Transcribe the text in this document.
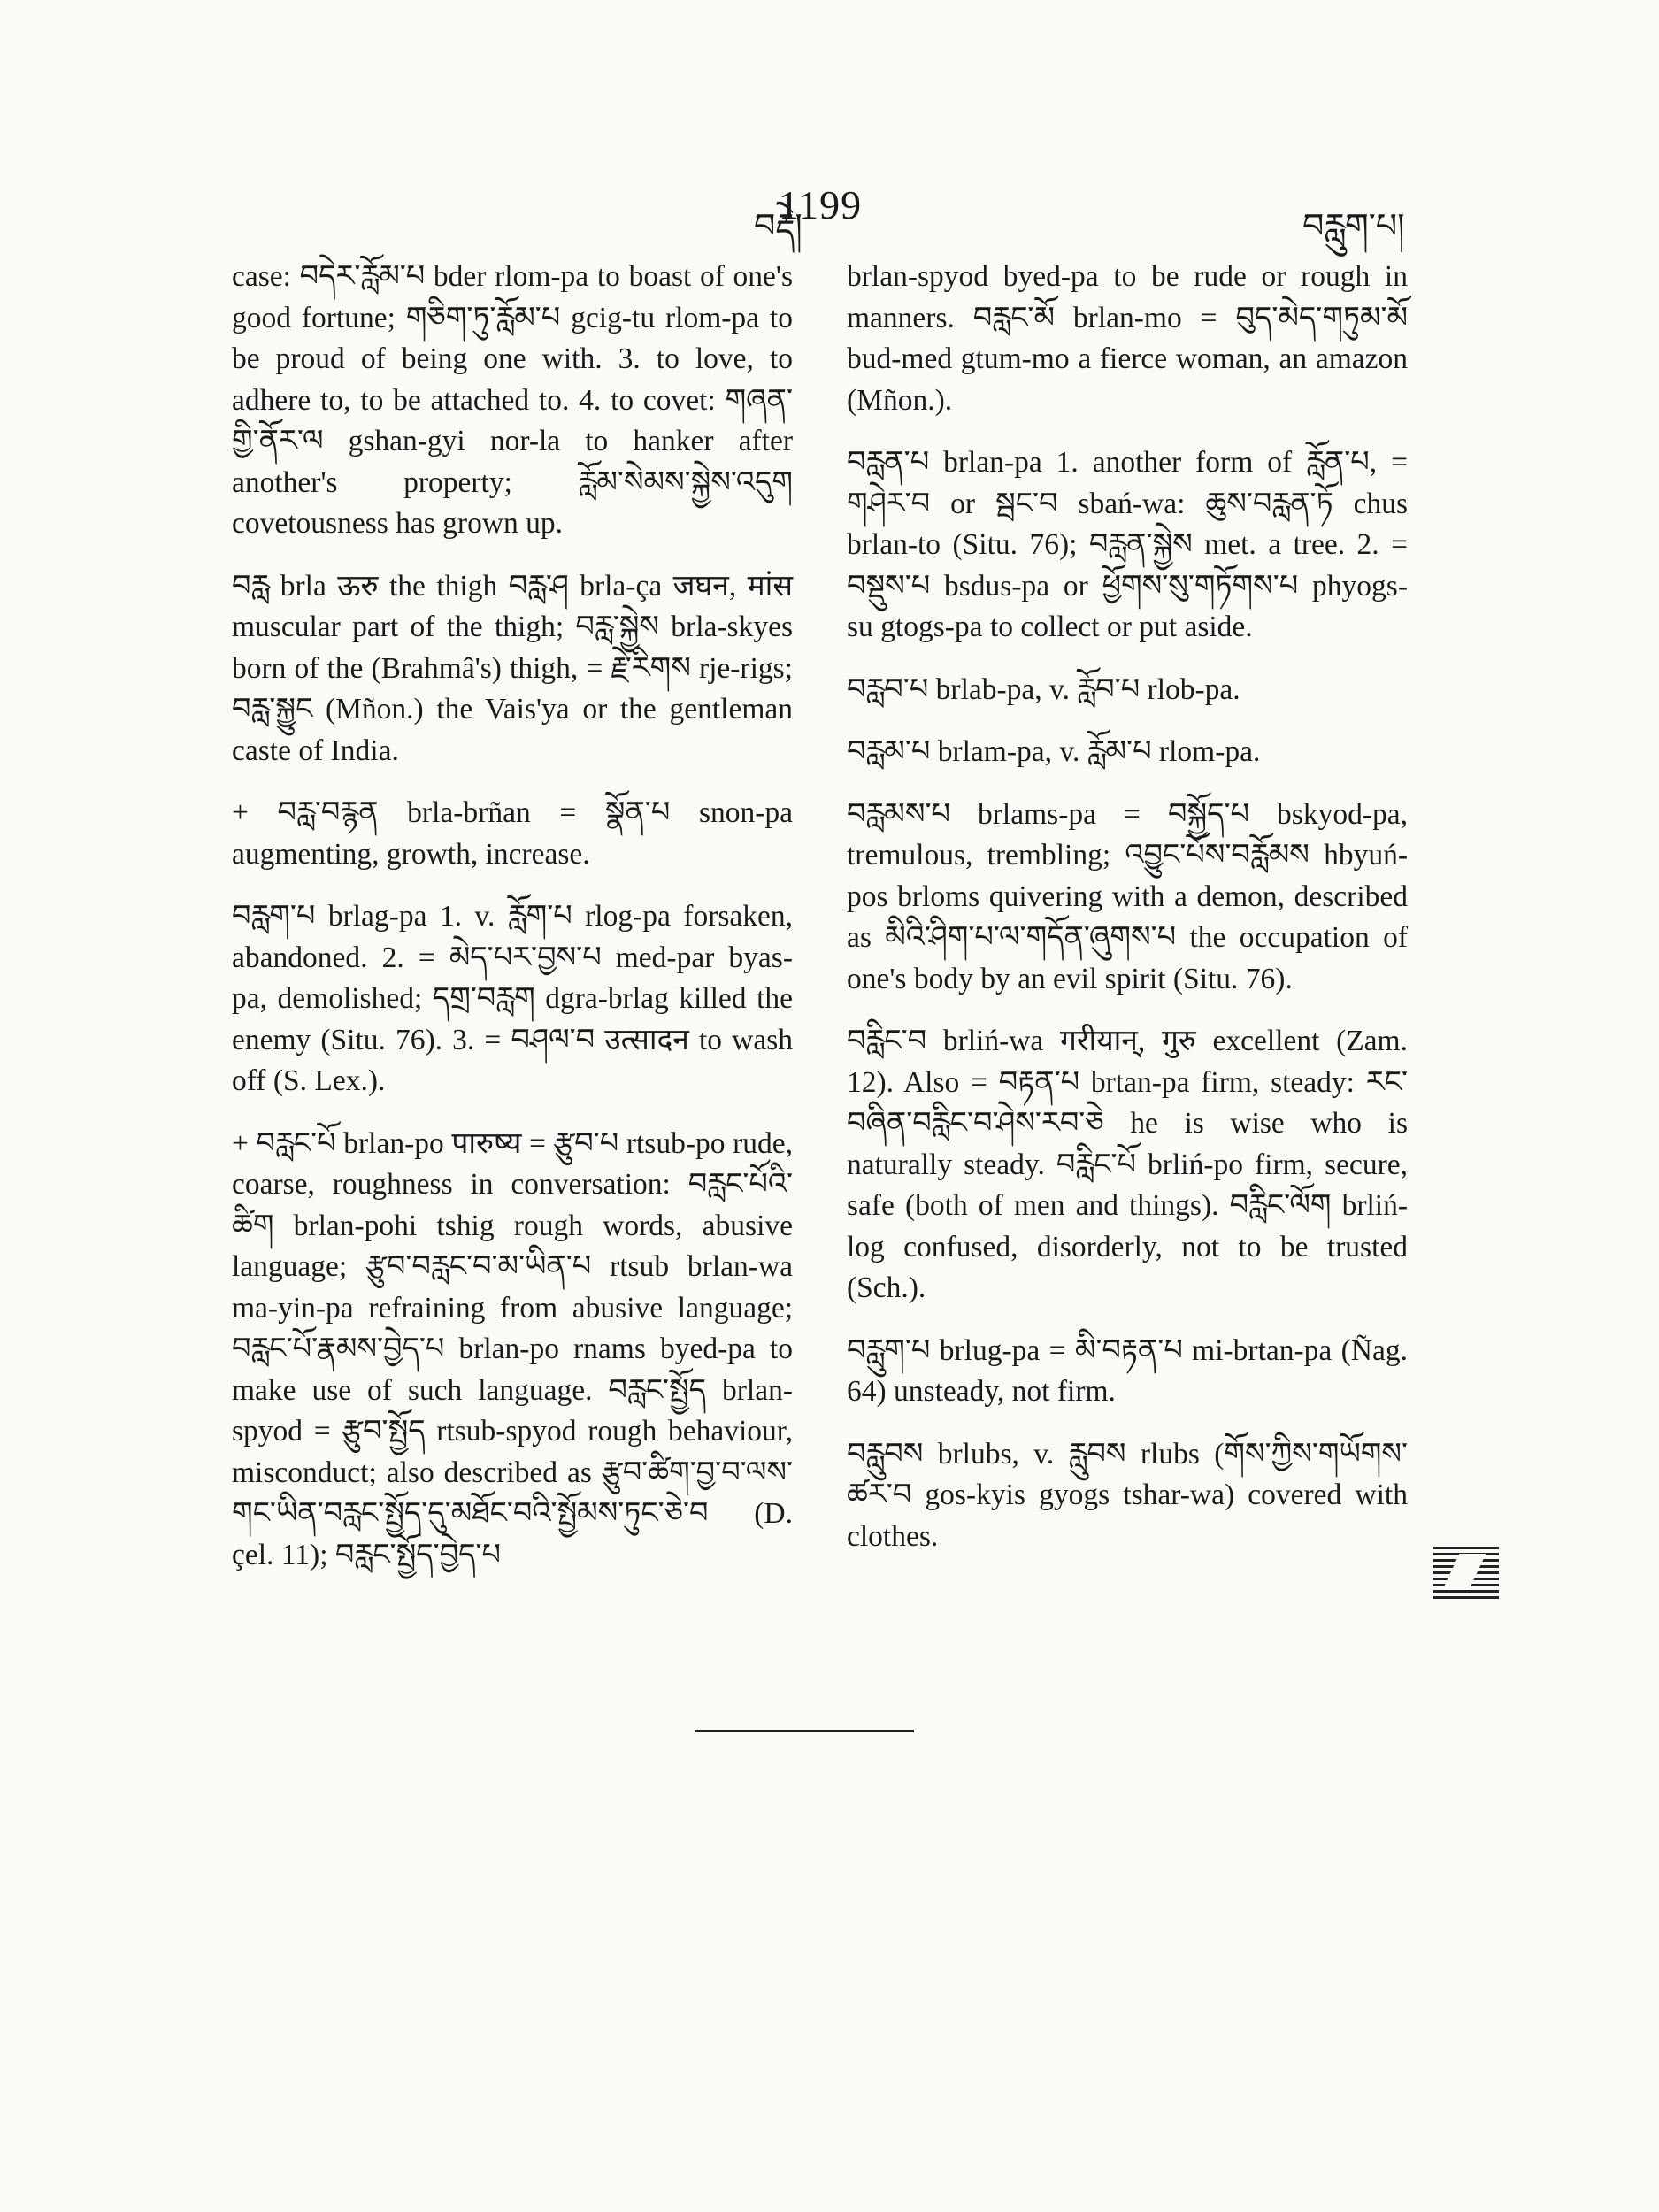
བརྡེ།
1199	བརླུག་པ།

case: བདེར་རློམ་པ bder rlom-pa to boast of one's good fortune; གཅིག་ཏུ་རློམ་པ gcig-tu rlom-pa to be proud of being one with. 3. to love, to adhere to, to be attached to. 4. to covet: གཞན་གྱི་ནོར་ལ gshan-gyi nor-la to hanker after another's property; རློམ་སེམས་སྐྱེས་འདུག covetousness has grown up.

བརླ brla ऊरु the thigh བརླ་ཤ brla-ça जघन, मांस muscular part of the thigh; བརླ་སྐྱེས brla-skyes born of the (Brahmâ's) thigh, = རྗེ་རིགས rje-rigs; བརླ་སྐྱུང (Mñon.) the Vais'ya or the gentleman caste of India.

+ བརླ་བརྙན brla-brñan = སྣོན་པ snon-pa augmenting, growth, increase.

བརླག་པ brlag-pa 1. v. རློག་པ rlog-pa forsaken, abandoned. 2. = མེད་པར་བྱས་པ med-par byas-pa, demolished; དགྲ་བརླག dgra-brlag killed the enemy (Situ. 76). 3. = བཤལ་བ उत्सादन to wash off (S. Lex.).

+ བརླང་པོ brlan-po पारुष्य = རྩུབ་པ rtsub-po rude, coarse, roughness in conversation: བརླང་པོའི་ཚིག brlan-pohi tshig rough words, abusive language; རྩུབ་བརླང་བ་མ་ཡིན་པ rtsub brlan-wa ma-yin-pa refraining from abusive language; བརླང་པོ་རྣམས་བྱེད་པ brlan-po rnams byed-pa to make use of such language. བརླང་སྤྱོད brlan-spyod = རྩུབ་སྤྱོད rtsub-spyod rough behaviour, misconduct; also described as རྩུབ་ཚིག་བྱ་བ་ལས་གང་ཡིན་བརླང་སྤྱོད་དུ་མཐོང་བའི་སྤྱོམས་ཏུང་ཅེ་བ (D. çel. 11); བརླང་སྤྱོད་བྱེད་པ

brlan-spyod byed-pa to be rude or rough in manners. བརླང་མོ brlan-mo = བུད་མེད་གཏུམ་མོ bud-med gtum-mo a fierce woman, an amazon (Mñon.).

བརླན་པ brlan-pa 1. another form of རློན་པ, = གཤེར་བ or སྦང་བ sbań-wa: ཆུས་བརླན་ཏོ chus brlan-to (Situ. 76); བརླན་སྐྱེས met. a tree. 2. = བསྡུས་པ bsdus-pa or ཕྱོགས་སུ་གཏོགས་པ phyogs-su gtogs-pa to collect or put aside.

བརླབ་པ brlab-pa, v. རློབ་པ rlob-pa.

བརླམ་པ brlam-pa, v. རློམ་པ rlom-pa.

བརླམས་པ brlams-pa = བསྐྱོད་པ bskyod-pa, tremulous, trembling; འབྱུང་པོས་བརློམས hbyuń-pos brloms quivering with a demon, described as མིའི་ཤིག་པ་ལ་གདོན་ཞུགས་པ the occupation of one's body by an evil spirit (Situ. 76).

བརླིང་བ brliń-wa गरीयान्, गुरु excellent (Zam. 12). Also = བརྟན་པ brtan-pa firm, steady: རང་བཞིན་བརླིང་བ་ཤེས་རབ་ཅེ he is wise who is naturally steady. བརླིང་པོ brliń-po firm, secure, safe (both of men and things). བརླིང་ལོག brliń-log confused, disorderly, not to be trusted (Sch.).

བརླུག་པ brlug-pa = མི་བརྟན་པ mi-brtan-pa (Ñag. 64) unsteady, not firm.

བརླུབས brlubs, v. རླུབས rlubs (གོས་ཀྱིས་གཡོགས་ཚར་བ gos-kyis gyogs tshar-wa) covered with clothes.
